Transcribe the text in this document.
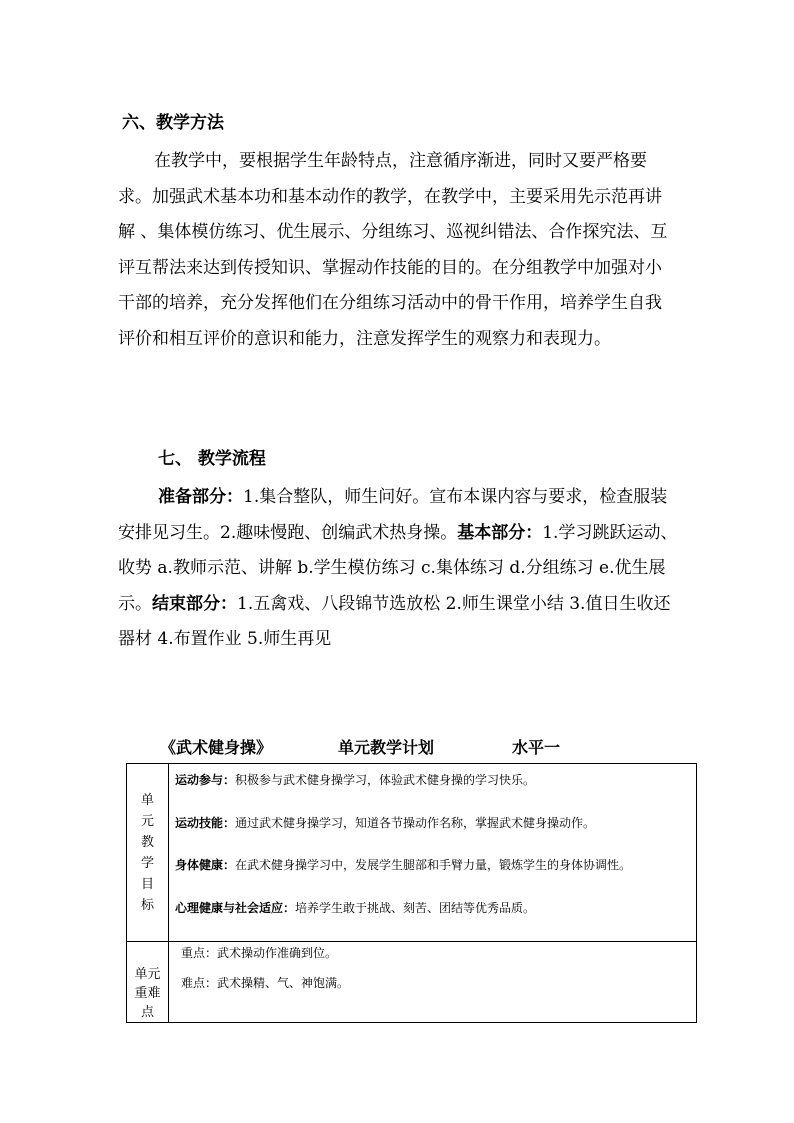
六、教学方法
在教学中，要根据学生年龄特点，注意循序渐进，同时又要严格要求。加强武术基本功和基本动作的教学，在教学中，主要采用先示范再讲解 、集体模仿练习、优生展示、分组练习、巡视纠错法、合作探究法、互评互帮法来达到传授知识、掌握动作技能的目的。在分组教学中加强对小干部的培养，充分发挥他们在分组练习活动中的骨干作用，培养学生自我评价和相互评价的意识和能力，注意发挥学生的观察力和表现力。
七、 教学流程
准备部分：1.集合整队，师生问好。宣布本课内容与要求，检查服装安排见习生。2.趣味慢跑、创编武术热身操。基本部分：1.学习跳跃运动、收势 a.教师示范、讲解 b.学生模仿练习 c.集体练习 d.分组练习 e.优生展示。结束部分：1.五禽戏、八段锦节选放松 2.师生课堂小结 3.值日生收还器材 4.布置作业 5.师生再见
《武术健身操》	单元教学计划	水平一
单元教学目标	运动参与：积极参与武术健身操学习，体验武术健身操的学习快乐。
运动技能：通过武术健身操学习，知道各节操动作名称，掌握武术健身操动作。
身体健康：在武术健身操学习中，发展学生腿部和手臂力量，锻炼学生的身体协调性。
心理健康与社会适应：培养学生敢于挑战、刻苦、团结等优秀品质。

单元重难点	重点：武术操动作准确到位。
难点：武术操精、气、神饱满。
